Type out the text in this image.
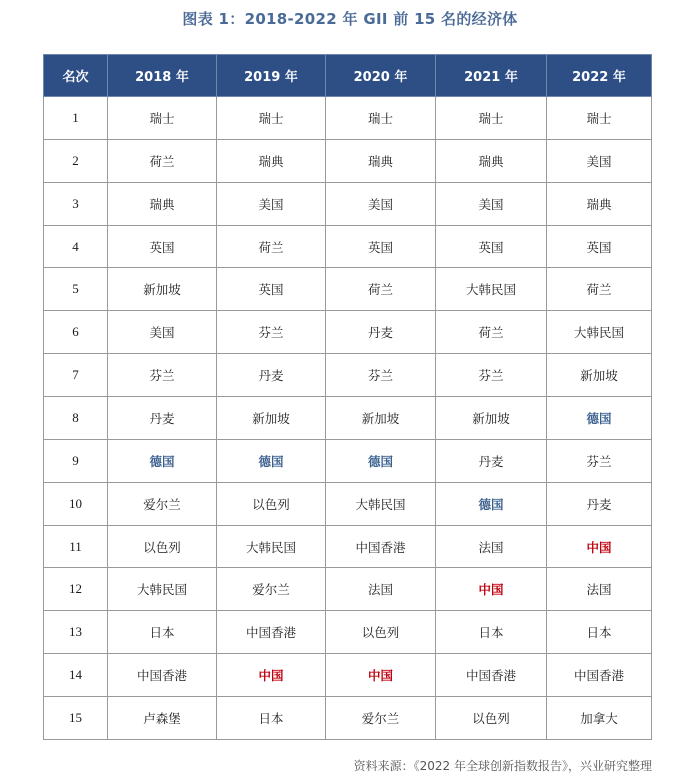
图表 1：2018-2022 年 GII 前 15 名的经济体
名次	2018 年	2019 年	2020 年	2021 年	2022 年
1	瑞士	瑞士	瑞士	瑞士	瑞士
2	荷兰	瑞典	瑞典	瑞典	美国
3	瑞典	美国	美国	美国	瑞典
4	英国	荷兰	英国	英国	英国
5	新加坡	英国	荷兰	大韩民国	荷兰
6	美国	芬兰	丹麦	荷兰	大韩民国
7	芬兰	丹麦	芬兰	芬兰	新加坡
8	丹麦	新加坡	新加坡	新加坡	德国
9	德国	德国	德国	丹麦	芬兰
10	爱尔兰	以色列	大韩民国	德国	丹麦
11	以色列	大韩民国	中国香港	法国	中国
12	大韩民国	爱尔兰	法国	中国	法国
13	日本	中国香港	以色列	日本	日本
14	中国香港	中国	中国	中国香港	中国香港
15	卢森堡	日本	爱尔兰	以色列	加拿大
资料来源：《2022 年全球创新指数报告》，兴业研究整理
